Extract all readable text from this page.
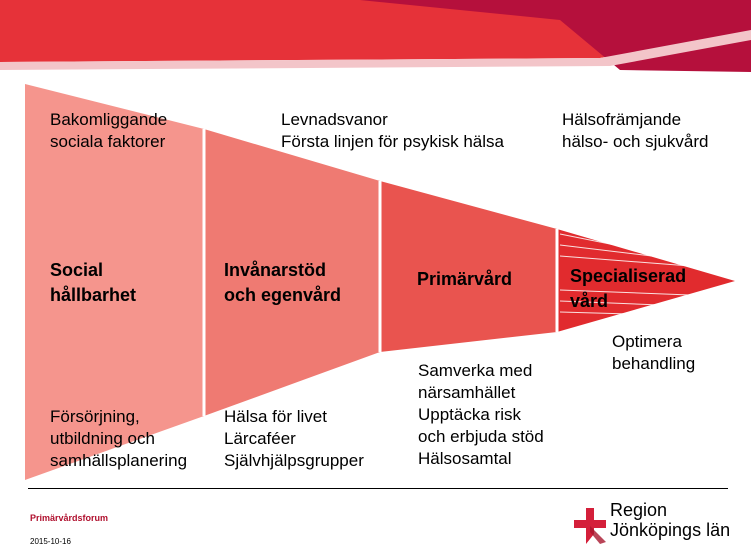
Social
hållbarhet

Invånarstöd
och egenvård

Primärvård	Specialiserad
vård

Bakomliggande
sociala faktorer

Levnadsvanor
Första linjen för psykisk hälsa

Hälsofrämjande
hälso- och sjukvård

Försörjning,
utbildning och
samhällsplanering

Hälsa för livet
Lärcaféer
Självhjälpsgrupper

Samverka med
närsamhället
Upptäcka risk
och erbjuda stöd
Hälsosamtal

Optimera
behandling

Primärvårdsforum
2015-10-16
Region
Jönköpings län
